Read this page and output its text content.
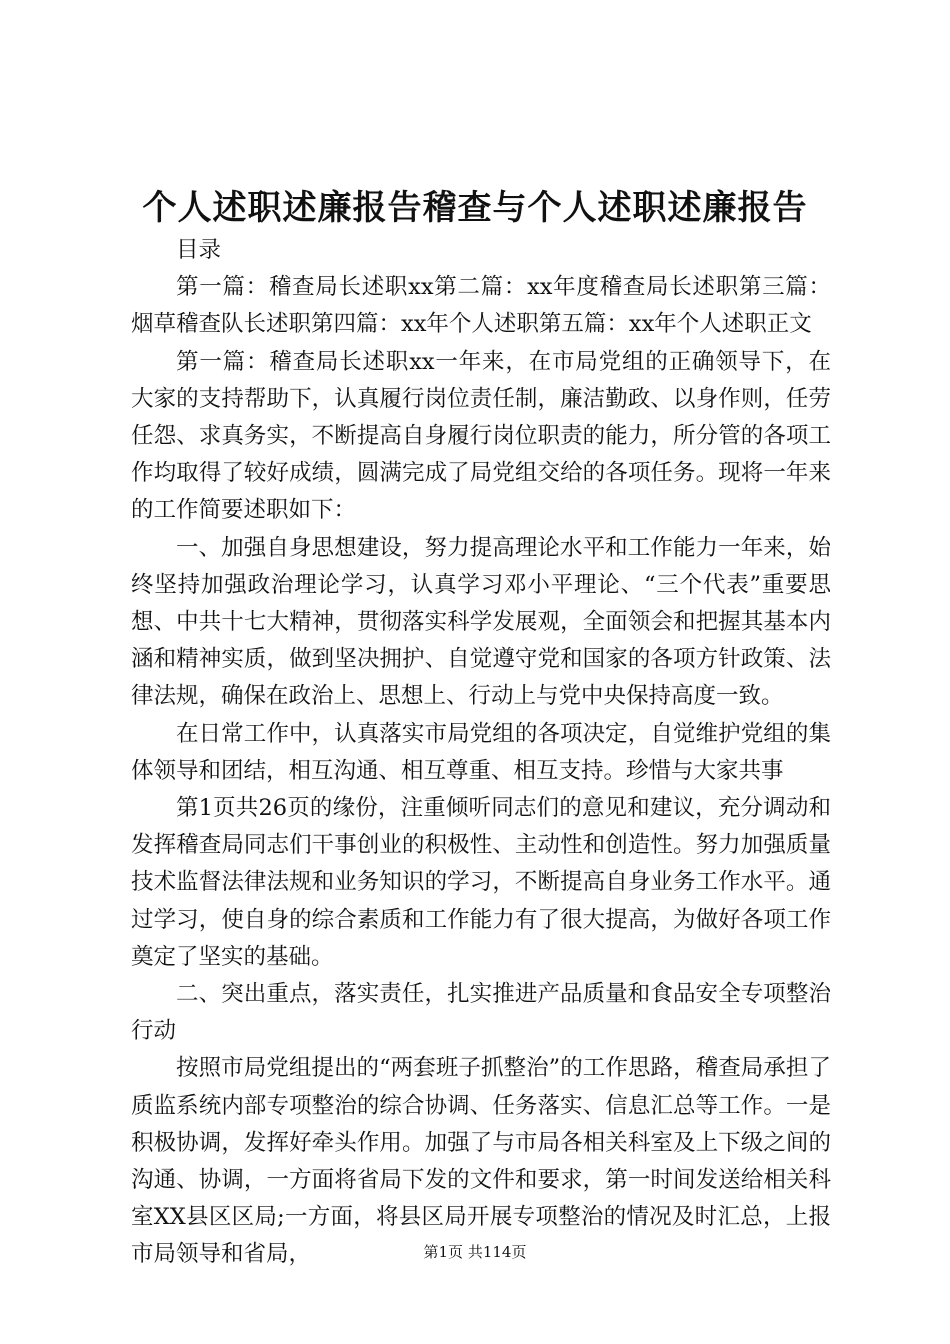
个人述职述廉报告稽查与个人述职述廉报告

目录

第一篇：稽查局长述职xx第二篇：xx年度稽查局长述职第三篇：烟草稽查队长述职第四篇：xx年个人述职第五篇：xx年个人述职正文

第一篇：稽查局长述职xx一年来，在市局党组的正确领导下，在大家的支持帮助下，认真履行岗位责任制，廉洁勤政、以身作则，任劳任怨、求真务实，不断提高自身履行岗位职责的能力，所分管的各项工作均取得了较好成绩，圆满完成了局党组交给的各项任务。现将一年来的工作简要述职如下：

一、加强自身思想建设，努力提高理论水平和工作能力一年来，始终坚持加强政治理论学习，认真学习邓小平理论、“三个代表”重要思想、中共十七大精神，贯彻落实科学发展观，全面领会和把握其基本内涵和精神实质，做到坚决拥护、自觉遵守党和国家的各项方针政策、法律法规，确保在政治上、思想上、行动上与党中央保持高度一致。

在日常工作中，认真落实市局党组的各项决定，自觉维护党组的集体领导和团结，相互沟通、相互尊重、相互支持。珍惜与大家共事

第1页共26页的缘份，注重倾听同志们的意见和建议，充分调动和发挥稽查局同志们干事创业的积极性、主动性和创造性。努力加强质量技术监督法律法规和业务知识的学习，不断提高自身业务工作水平。通过学习，使自身的综合素质和工作能力有了很大提高，为做好各项工作奠定了坚实的基础。

二、突出重点，落实责任，扎实推进产品质量和食品安全专项整治行动

按照市局党组提出的“两套班子抓整治”的工作思路，稽查局承担了质监系统内部专项整治的综合协调、任务落实、信息汇总等工作。一是积极协调，发挥好牵头作用。加强了与市局各相关科室及上下级之间的沟通、协调，一方面将省局下发的文件和要求，第一时间发送给相关科室XX县区区局;一方面，将县区局开展专项整治的情况及时汇总，上报市局领导和省局，	第1页 共114页
